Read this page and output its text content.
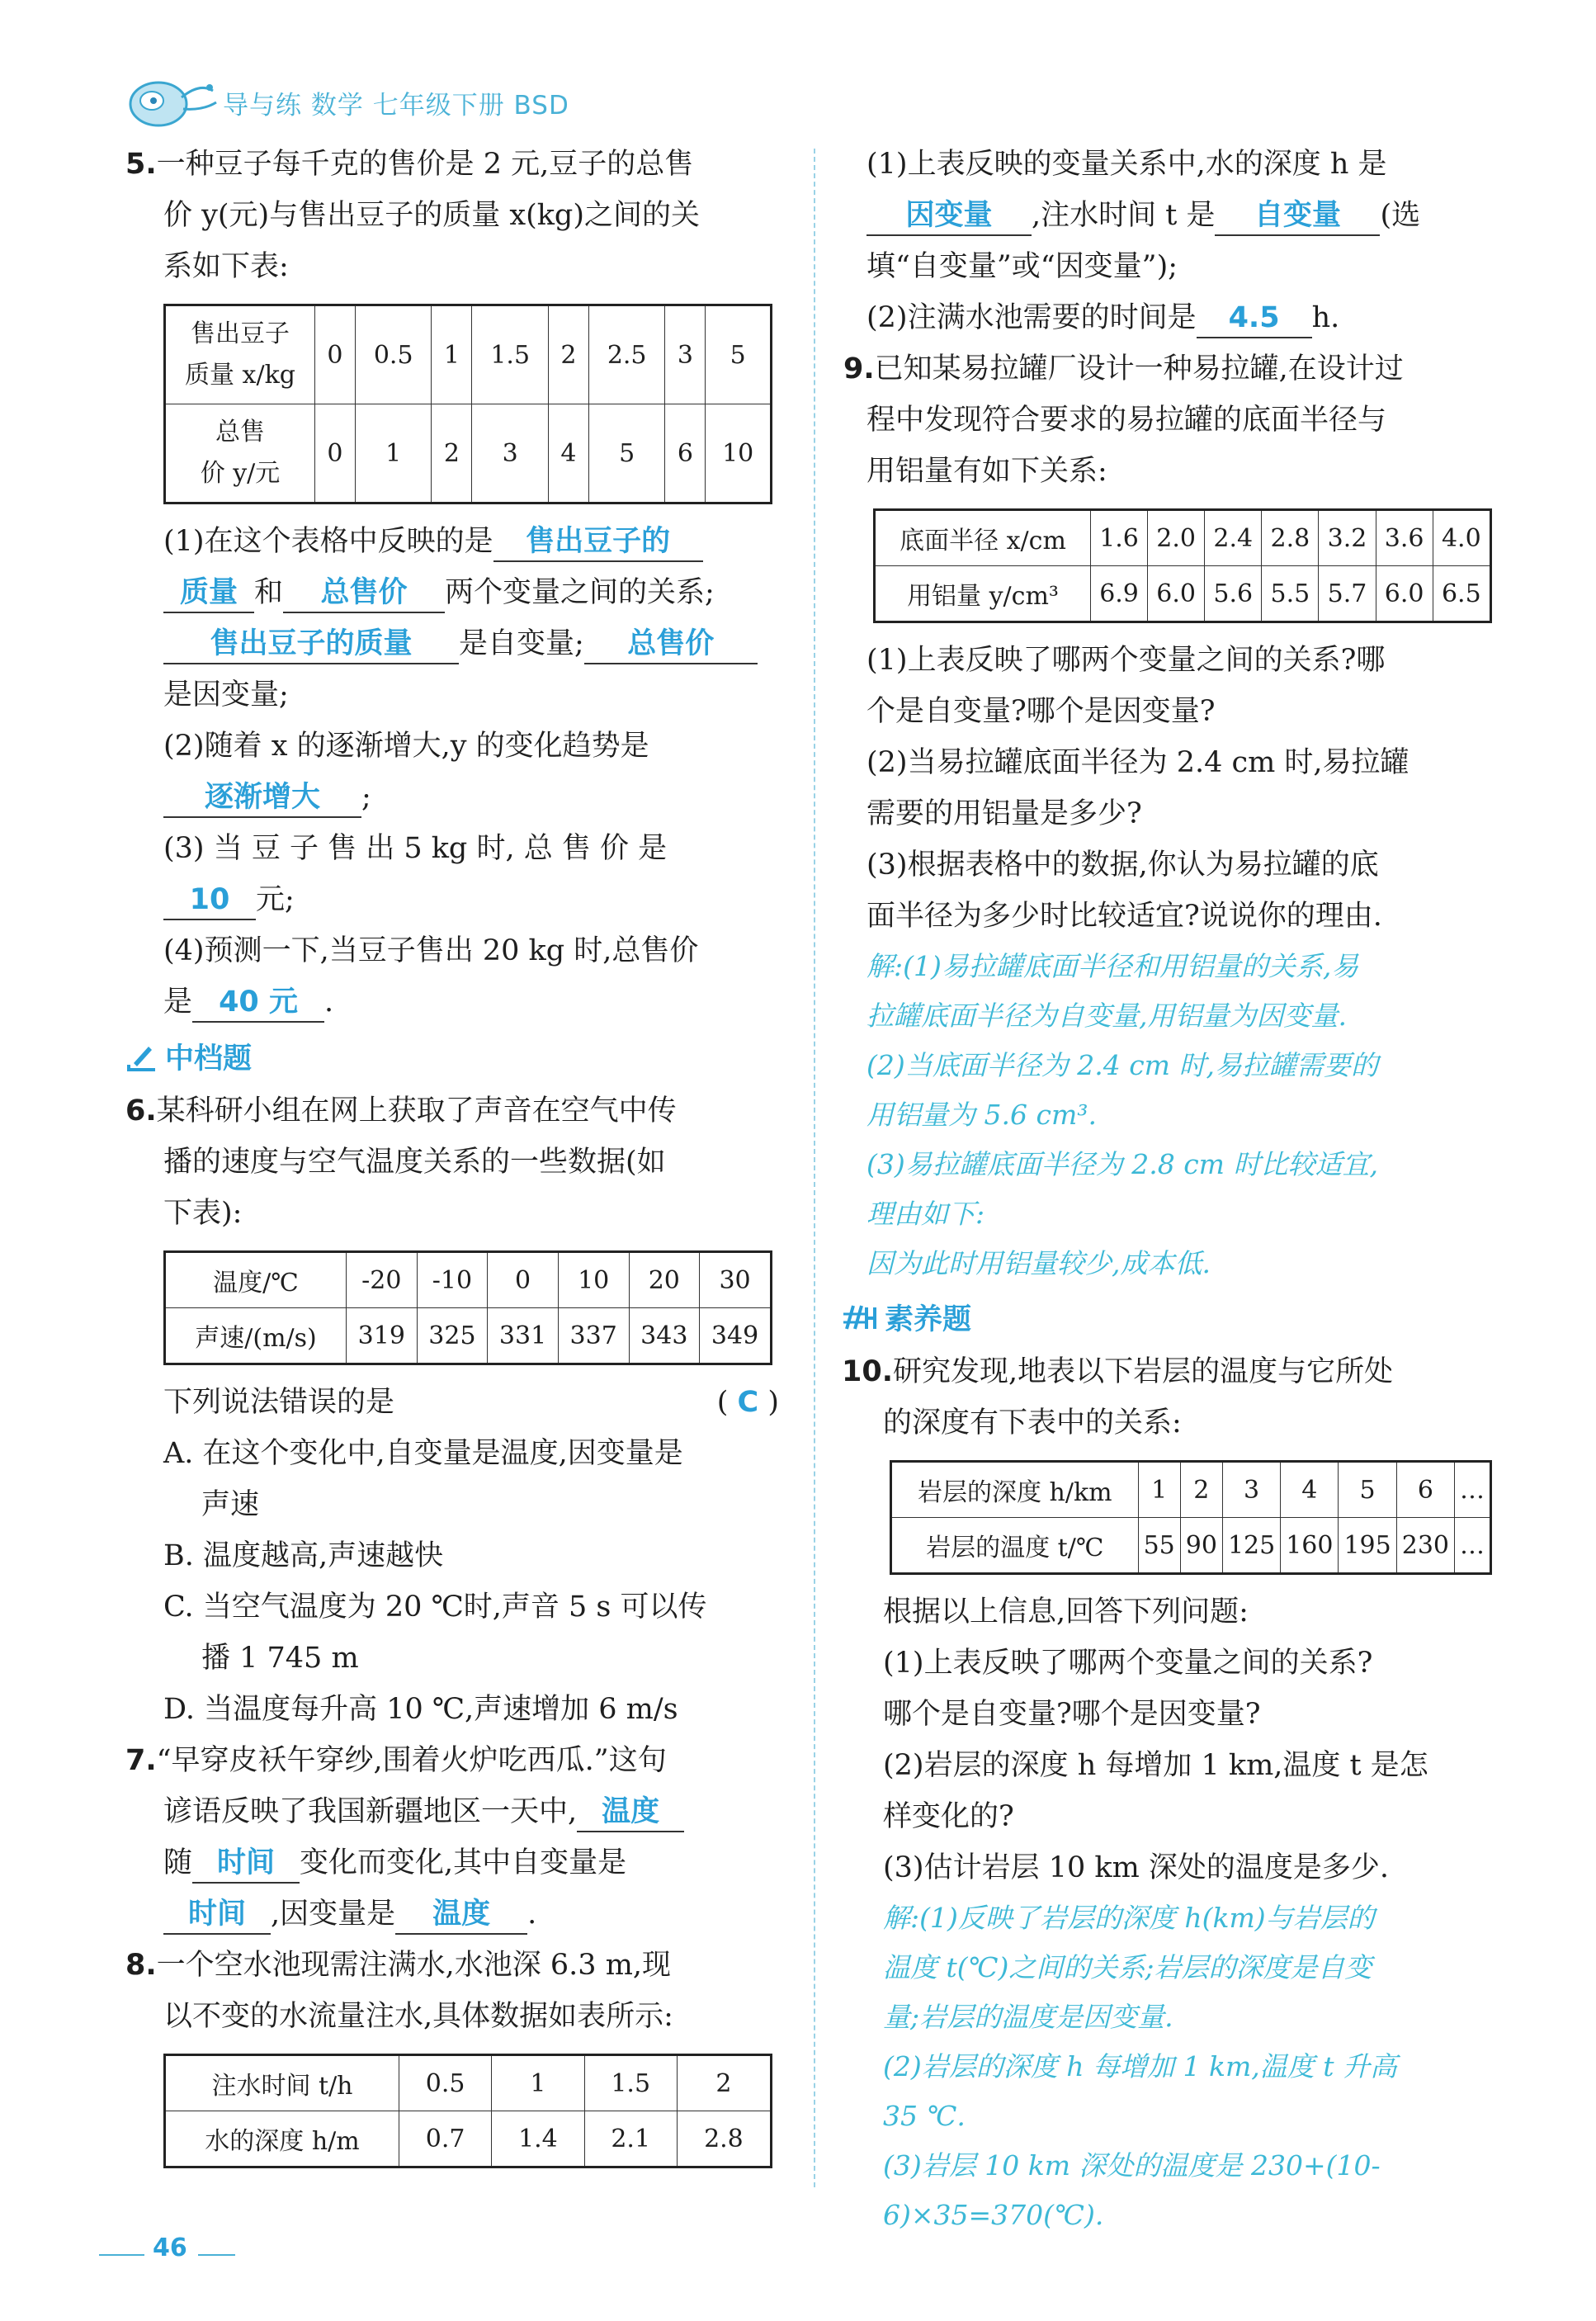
导与练 数学 七年级下册 BSD
5.一种豆子每千克的售价是 2 元,豆子的总售
价 y(元)与售出豆子的质量 x(kg)之间的关
系如下表:
售出豆子
质量 x/kg	0	0.5	1	1.5	2	2.5	3	5

总售
价 y/元	0	1	2	3	4	5	6	10
(1)在这个表格中反映的是 售出豆子的
质量 和 总售价 两个变量之间的关系;
售出豆子的质量 是自变量; 总售价
是因变量;
(2)随着 x 的逐渐增大,y 的变化趋势是
逐渐增大 ;
(3) 当 豆 子 售 出 5 kg 时, 总 售 价 是
10 元;
(4)预测一下,当豆子售出 20 kg 时,总售价
是 40 元 .
中档题
6.某科研小组在网上获取了声音在空气中传
播的速度与空气温度关系的一些数据(如
下表):
温度/℃	-20	-10	0	10	20	30
声速/(m/s)	319	325	331	337	343	349
下列说法错误的是	( C )
A. 在这个变化中,自变量是温度,因变量是
声速
B. 温度越高,声速越快
C. 当空气温度为 20 ℃时,声音 5 s 可以传
播 1 745 m
D. 当温度每升高 10 ℃,声速增加 6 m/s
7.“早穿皮袄午穿纱,围着火炉吃西瓜.”这句
谚语反映了我国新疆地区一天中, 温度
随 时间 变化而变化,其中自变量是
时间 ,因变量是 温度 .
8.一个空水池现需注满水,水池深 6.3 m,现
以不变的水流量注水,具体数据如表所示:
注水时间 t/h	0.5	1	1.5	2
水的深度 h/m	0.7	1.4	2.1	2.8
(1)上表反映的变量关系中,水的深度 h 是
因变量 ,注水时间 t 是 自变量 (选
填“自变量”或“因变量”);
(2)注满水池需要的时间是 4.5 h.
9.已知某易拉罐厂设计一种易拉罐,在设计过
程中发现符合要求的易拉罐的底面半径与
用铝量有如下关系:
底面半径 x/cm	1.6	2.0	2.4	2.8	3.2	3.6	4.0
用铝量 y/cm³	6.9	6.0	5.6	5.5	5.7	6.0	6.5
(1)上表反映了哪两个变量之间的关系?哪
个是自变量?哪个是因变量?
(2)当易拉罐底面半径为 2.4 cm 时,易拉罐
需要的用铝量是多少?
(3)根据表格中的数据,你认为易拉罐的底
面半径为多少时比较适宜?说说你的理由.
解:(1)易拉罐底面半径和用铝量的关系,易
拉罐底面半径为自变量,用铝量为因变量.
(2)当底面半径为 2.4 cm 时,易拉罐需要的
用铝量为 5.6 cm³.
(3)易拉罐底面半径为 2.8 cm 时比较适宜,
理由如下:
因为此时用铝量较少,成本低.
素养题
10.研究发现,地表以下岩层的温度与它所处
的深度有下表中的关系:
岩层的深度 h/km	1	2	3	4	5	6	…
岩层的温度 t/℃	55	90	125	160	195	230	…
根据以上信息,回答下列问题:
(1)上表反映了哪两个变量之间的关系?
哪个是自变量?哪个是因变量?
(2)岩层的深度 h 每增加 1 km,温度 t 是怎
样变化的?
(3)估计岩层 10 km 深处的温度是多少.
解:(1)反映了岩层的深度 h(km)与岩层的
温度 t(℃)之间的关系;岩层的深度是自变
量;岩层的温度是因变量.
(2)岩层的深度 h 每增加 1 km,温度 t 升高
35 ℃.
(3)岩层 10 km 深处的温度是 230+(10-
6)×35=370(℃).
46
